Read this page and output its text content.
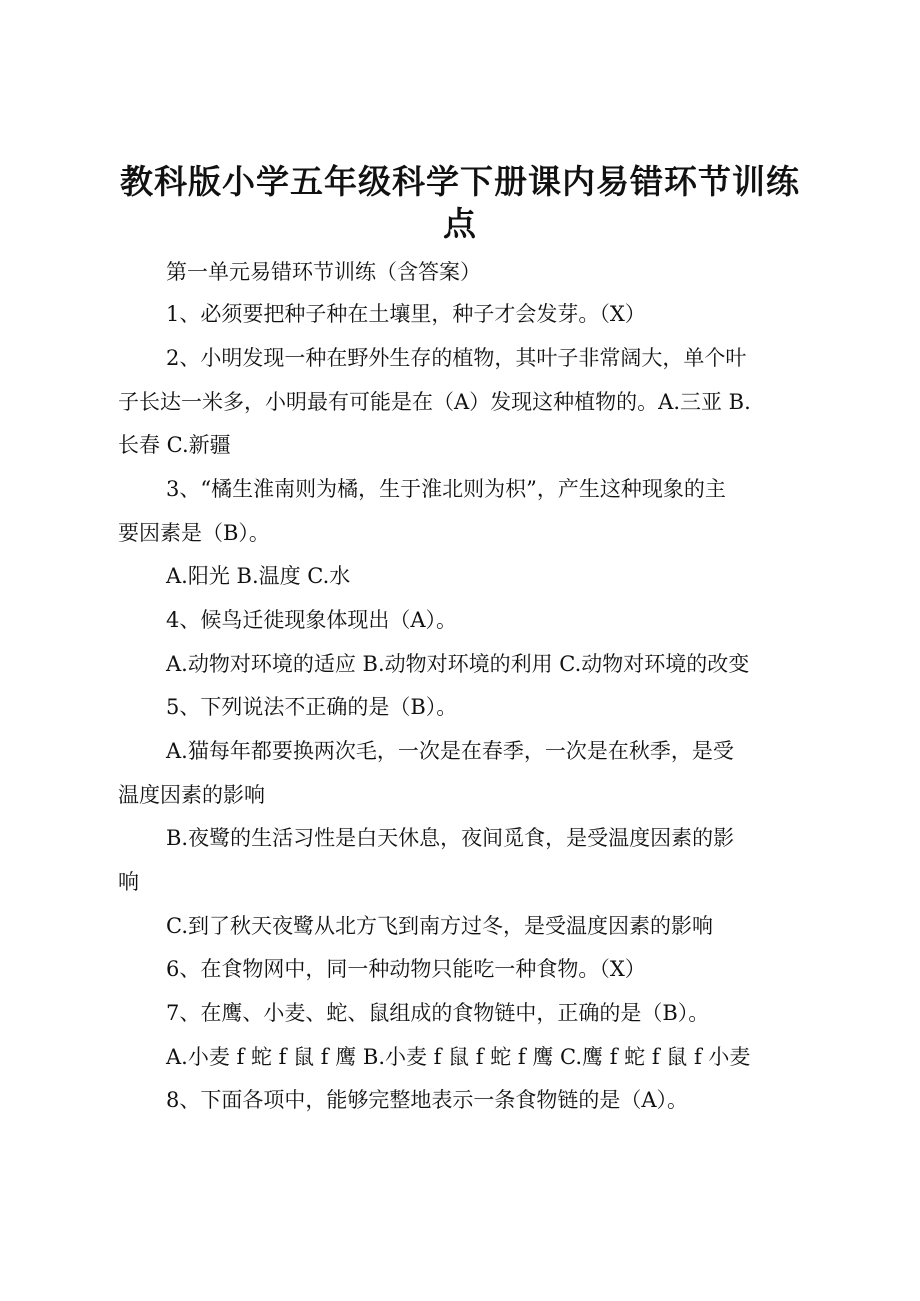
教科版小学五年级科学下册课内易错环节训练
点

第一单元易错环节训练（含答案）

1、必须要把种子种在土壤里，种子才会发芽。（X）

2、小明发现一种在野外生存的植物，其叶子非常阔大，单个叶

子长达一米多，小明最有可能是在（A）发现这种植物的。A.三亚 B.

长春 C.新疆

3、“橘生淮南则为橘，生于淮北则为枳”，产生这种现象的主

要因素是（B）。

A.阳光 B.温度 C.水

4、候鸟迁徙现象体现出（A）。

A.动物对环境的适应 B.动物对环境的利用 C.动物对环境的改变

5、下列说法不正确的是（B）。

A.猫每年都要换两次毛，一次是在春季，一次是在秋季，是受

温度因素的影响

B.夜鹭的生活习性是白天休息，夜间觅食，是受温度因素的影

响

C.到了秋天夜鹭从北方飞到南方过冬，是受温度因素的影响

6、在食物网中，同一种动物只能吃一种食物。（X）

7、在鹰、小麦、蛇、鼠组成的食物链中，正确的是（B）。

A.小麦 f 蛇 f 鼠 f 鹰 B.小麦 f 鼠 f 蛇 f 鹰 C.鹰 f 蛇 f 鼠 f 小麦

8、下面各项中，能够完整地表示一条食物链的是（A）。
